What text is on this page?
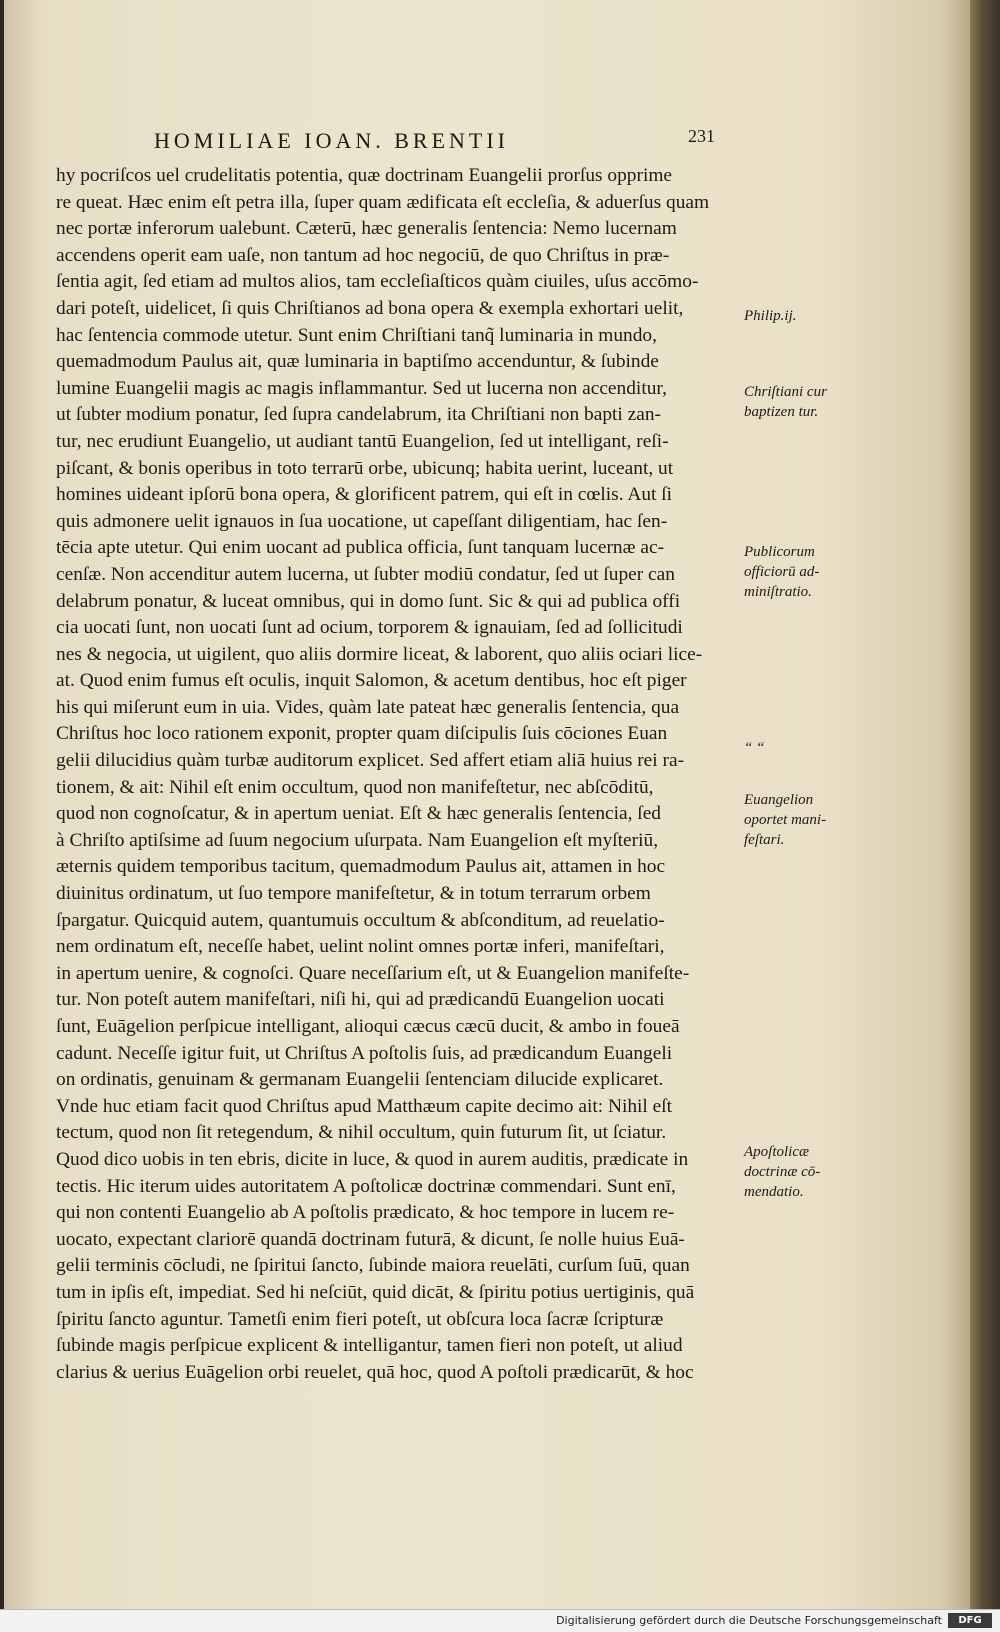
HOMILIAE IOAN. BRENTII	231
hy pocriſcos uel crudelitatis potentia, quæ doctrinam Euangelii prorſus opprime
re queat. Hæc enim eſt petra illa, ſuper quam ædificata eſt eccleſia, & aduerſus quam
nec portæ inferorum ualebunt. Cæterū, hæc generalis ſentencia: Nemo lucernam
accendens operit eam uaſe, non tantum ad hoc negociū, de quo Chriſtus in præ-
ſentia agit, ſed etiam ad multos alios, tam eccleſiaſticos quàm ciuiles, uſus accōmo-
dari poteſt, uidelicet, ſi quis Chriſtianos ad bona opera & exempla exhortari uelit,
hac ſentencia commode utetur. Sunt enim Chriſtiani tanq̃ luminaria in mundo,
quemadmodum Paulus ait, quæ luminaria in baptiſmo accenduntur, & ſubinde
lumine Euangelii magis ac magis inflammantur. Sed ut lucerna non accenditur,
ut ſubter modium ponatur, ſed ſupra candelabrum, ita Chriſtiani non bapti zan-
tur, nec erudiunt Euangelio, ut audiant tantū Euangelion, ſed ut intelligant, reſi-
piſcant, & bonis operibus in toto terrarū orbe, ubicunq; habita uerint, luceant, ut
homines uideant ipſorū bona opera, & glorificent patrem, qui eſt in cœlis. Aut ſi
quis admonere uelit ignauos in ſua uocatione, ut capeſſant diligentiam, hac ſen-
tēcia apte utetur. Qui enim uocant ad publica officia, ſunt tanquam lucernæ ac-
cenſæ. Non accenditur autem lucerna, ut ſubter modiū condatur, ſed ut ſuper can
delabrum ponatur, & luceat omnibus, qui in domo ſunt. Sic & qui ad publica offi
cia uocati ſunt, non uocati ſunt ad ocium, torporem & ignauiam, ſed ad ſollicitudi
nes & negocia, ut uigilent, quo aliis dormire liceat, & laborent, quo aliis ociari lice-
at. Quod enim fumus eſt oculis, inquit Salomon, & acetum dentibus, hoc eſt piger
his qui miſerunt eum in uia. Vides, quàm late pateat hæc generalis ſentencia, qua
Chriſtus hoc loco rationem exponit, propter quam diſcipulis ſuis cōciones Euan
gelii dilucidius quàm turbæ auditorum explicet. Sed affert etiam aliā huius rei ra-
tionem, & ait: Nihil eſt enim occultum, quod non manifeſtetur, nec abſcōditū,
quod non cognoſcatur, & in apertum ueniat. Eſt & hæc generalis ſentencia, ſed
à Chriſto aptiſsime ad ſuum negocium uſurpata. Nam Euangelion eſt myſteriū,
æternis quidem temporibus tacitum, quemadmodum Paulus ait, attamen in hoc
diuinitus ordinatum, ut ſuo tempore manifeſtetur, & in totum terrarum orbem
ſpargatur. Quicquid autem, quantumuis occultum & abſconditum, ad reuelatio-
nem ordinatum eſt, neceſſe habet, uelint nolint omnes portæ inferi, manifeſtari,
in apertum uenire, & cognoſci. Quare neceſſarium eſt, ut & Euangelion manifeſte-
tur. Non poteſt autem manifeſtari, niſi hi, qui ad prædicandū Euangelion uocati
ſunt, Euāgelion perſpicue intelligant, alioqui cæcus cæcū ducit, & ambo in foueā
cadunt. Neceſſe igitur fuit, ut Chriſtus A poſtolis ſuis, ad prædicandum Euangeli
on ordinatis, genuinam & germanam Euangelii ſentenciam dilucide explicaret.
Vnde huc etiam facit quod Chriſtus apud Matthæum capite decimo ait: Nihil eſt
tectum, quod non ſit retegendum, & nihil occultum, quin futurum ſit, ut ſciatur.
Quod dico uobis in ten ebris, dicite in luce, & quod in aurem auditis, prædicate in
tectis. Hic iterum uides autoritatem A poſtolicæ doctrinæ commendari. Sunt enī,
qui non contenti Euangelio ab A poſtolis prædicato, & hoc tempore in lucem re-
uocato, expectant clariorē quandā doctrinam futurā, & dicunt, ſe nolle huius Euā-
gelii terminis cōcludi, ne ſpiritui ſancto, ſubinde maiora reuelāti, curſum ſuū, quan
tum in ipſis eſt, impediat. Sed hi neſciūt, quid dicāt, & ſpiritu potius uertiginis, quā
ſpiritu ſancto aguntur. Tametſi enim fieri poteſt, ut obſcura loca ſacræ ſcripturæ
ſubinde magis perſpicue explicent & intelligantur, tamen fieri non poteſt, ut aliud
clarius & uerius Euāgelion orbi reuelet, quā hoc, quod A poſtoli prædicarūt, & hoc
Philip.ij.
Chriſtiani cur baptizen tur.
Publicorum officiorū ad- miniſtratio.
“ “
Euangelion oportet mani- feſtari.
Apoſtolicæ doctrinæ cō- mendatio.
Digitalisierung gefördert durch die Deutsche Forschungsgemeinschaft	DFG
